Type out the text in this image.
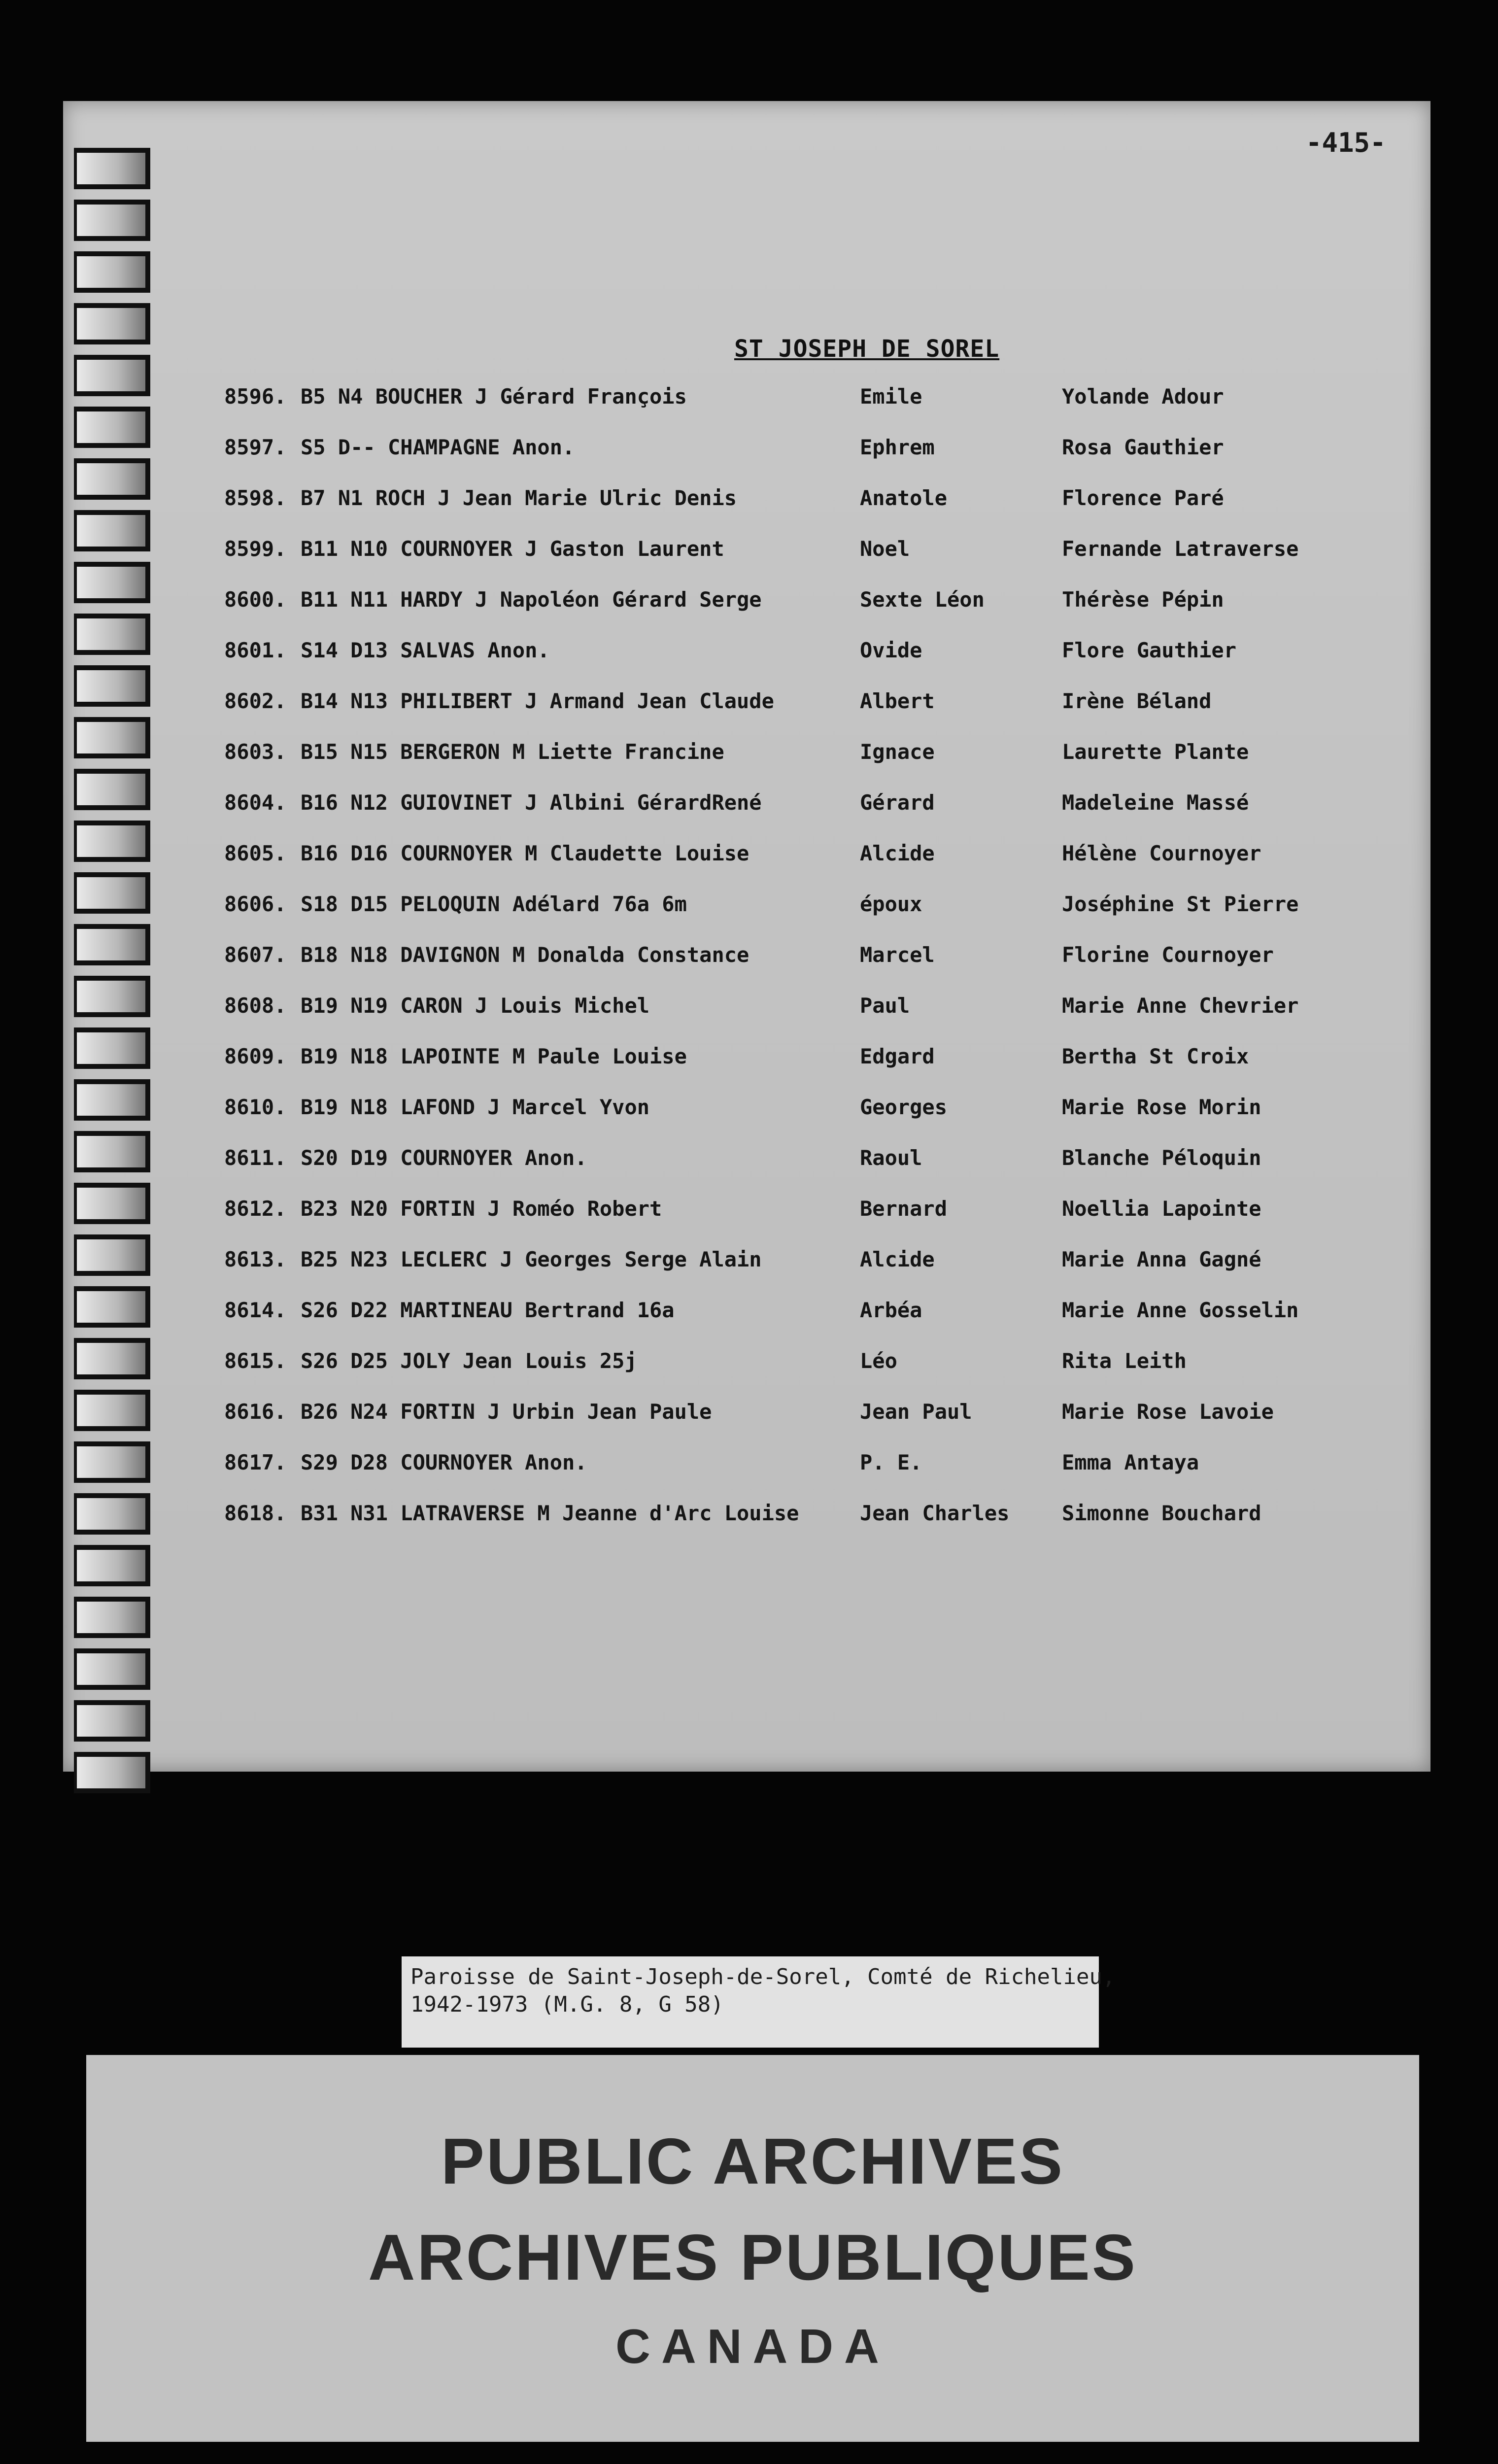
-415-
ST JOSEPH DE SOREL
8596. B5 N4 BOUCHER J Gérard François	Emile	Yolande Adour
8597. S5 D-- CHAMPAGNE Anon.	Ephrem	Rosa Gauthier
8598. B7 N1 ROCH J Jean Marie Ulric Denis	Anatole	Florence Paré
8599. B11 N10 COURNOYER J Gaston Laurent	Noel	Fernande Latraverse
8600. B11 N11 HARDY J Napoléon Gérard Serge	Sexte Léon	Thérèse Pépin
8601. S14 D13 SALVAS Anon.	Ovide	Flore Gauthier
8602. B14 N13 PHILIBERT J Armand Jean Claude	Albert	Irène Béland
8603. B15 N15 BERGERON M Liette Francine	Ignace	Laurette Plante
8604. B16 N12 GUIOVINET J Albini GérardRené	Gérard	Madeleine Massé
8605. B16 D16 COURNOYER M Claudette Louise	Alcide	Hélène Cournoyer
8606. S18 D15 PELOQUIN Adélard 76a 6m	époux	Joséphine St Pierre
8607. B18 N18 DAVIGNON M Donalda Constance	Marcel	Florine Cournoyer
8608. B19 N19 CARON J Louis Michel	Paul	Marie Anne Chevrier
8609. B19 N18 LAPOINTE M Paule Louise	Edgard	Bertha St Croix
8610. B19 N18 LAFOND J Marcel Yvon	Georges	Marie Rose Morin
8611. S20 D19 COURNOYER Anon.	Raoul	Blanche Péloquin
8612. B23 N20 FORTIN J Roméo Robert	Bernard	Noellia Lapointe
8613. B25 N23 LECLERC J Georges Serge Alain	Alcide	Marie Anna Gagné
8614. S26 D22 MARTINEAU Bertrand 16a	Arbéa	Marie Anne Gosselin
8615. S26 D25 JOLY Jean Louis 25j	Léo	Rita Leith
8616. B26 N24 FORTIN J Urbin Jean Paule	Jean Paul	Marie Rose Lavoie
8617. S29 D28 COURNOYER Anon.	P. E.	Emma Antaya
8618. B31 N31 LATRAVERSE M Jeanne d'Arc Louise	Jean Charles	Simonne Bouchard
Paroisse de Saint-Joseph-de-Sorel, Comté de Richelieu,
1942-1973 (M.G. 8, G 58)
PUBLIC ARCHIVES
ARCHIVES PUBLIQUES
CANADA
